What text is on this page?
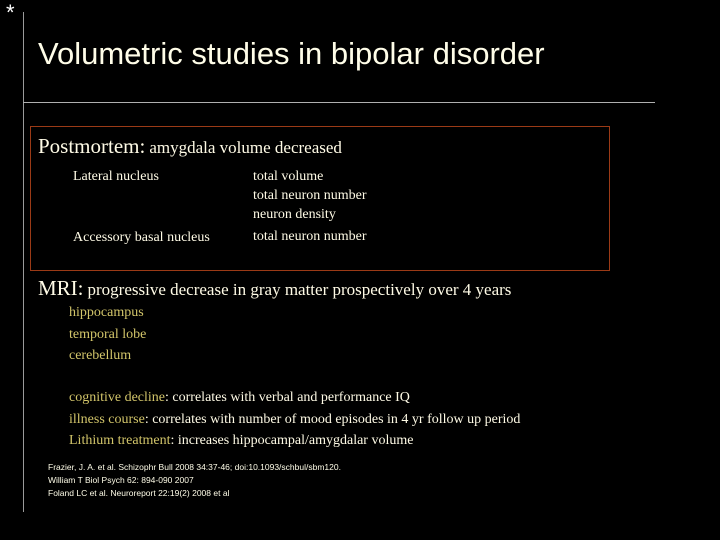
*
Volumetric studies in bipolar disorder
Postmortem: amygdala volume decreased
Lateral nucleus
Accessory basal nucleus
total volume
total neuron number
neuron density
total neuron number
MRI: progressive decrease in gray matter prospectively over 4 years
hippocampus
temporal lobe
cerebellum
cognitive decline: correlates with verbal and performance IQ
illness course: correlates with number of mood episodes in 4 yr follow up period
Lithium treatment: increases hippocampal/amygdalar volume
Frazier, J. A. et al. Schizophr Bull 2008 34:37-46; doi:10.1093/schbul/sbm120.
William T Biol Psych 62: 894-090 2007
Foland LC et al. Neuroreport 22:19(2) 2008 et al
